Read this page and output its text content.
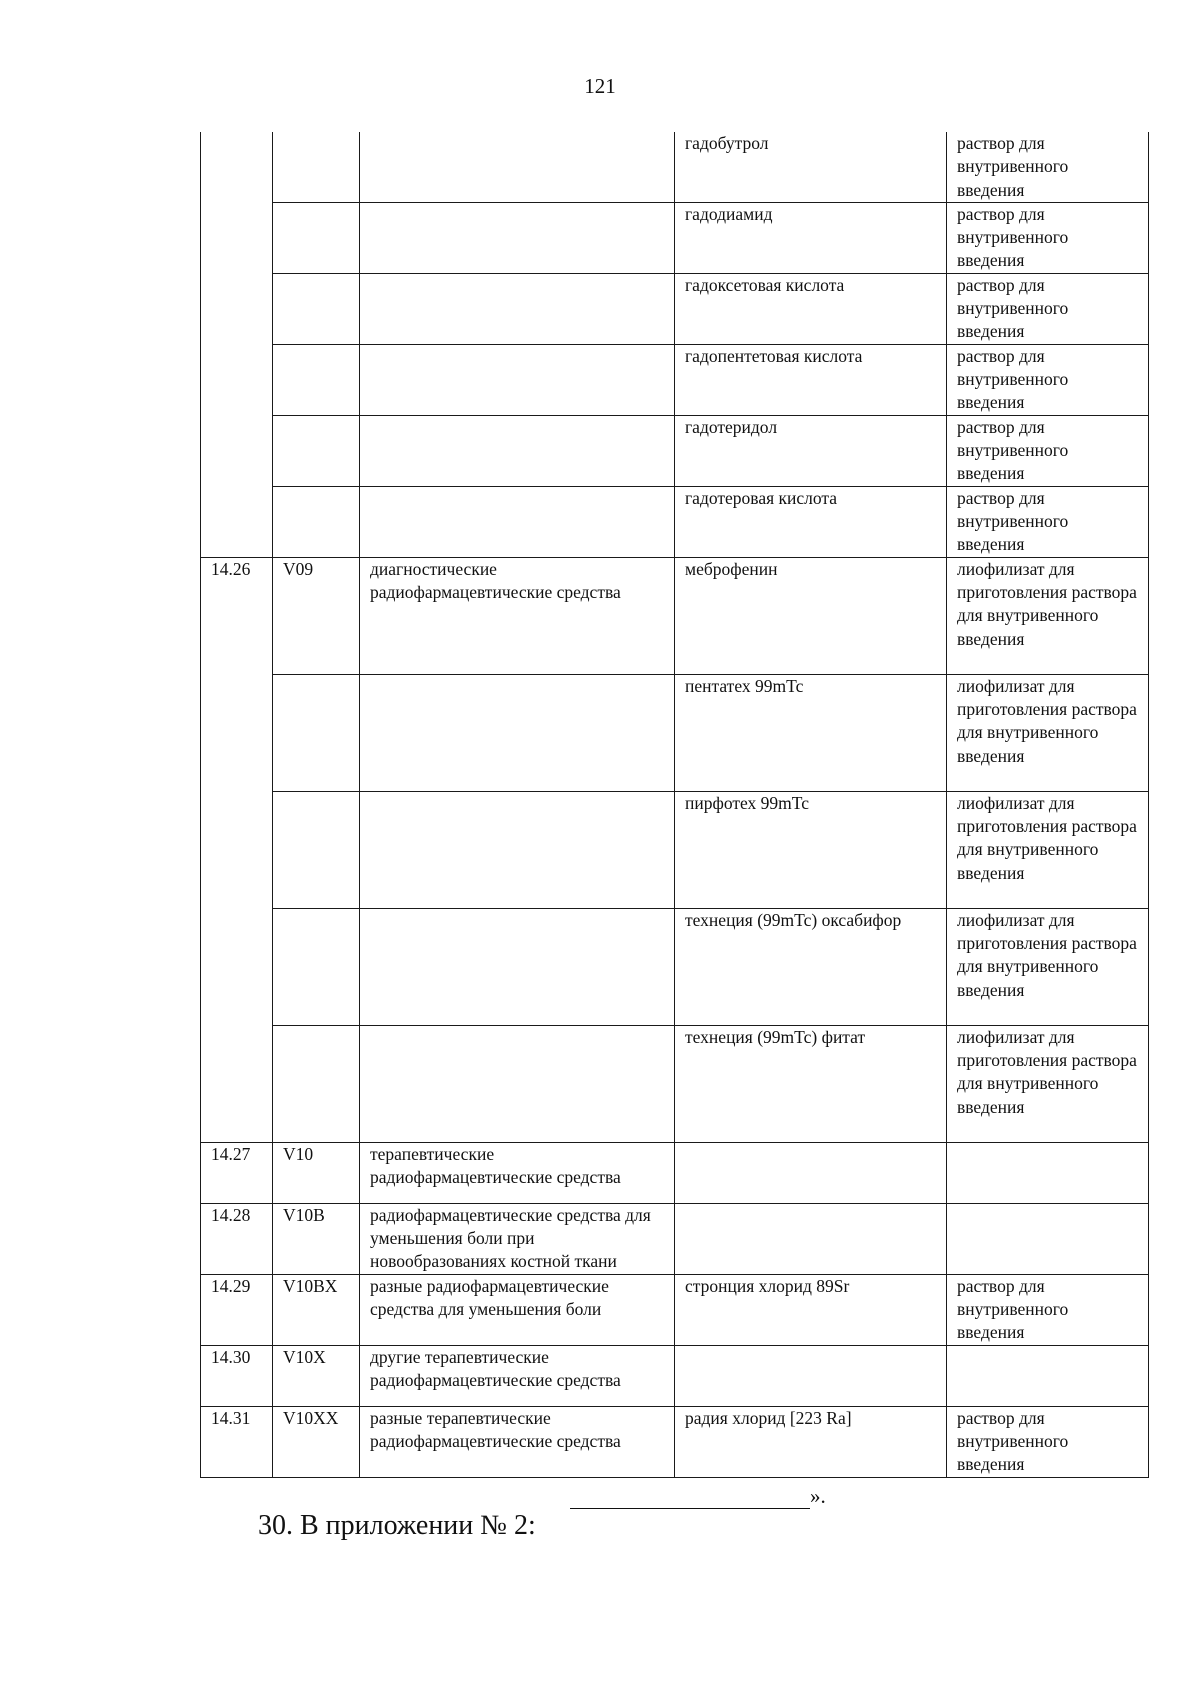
121
			гадобутрол	раствор для внутривенного введения
			гадодиамид	раствор для внутривенного введения
			гадоксетовая кислота	раствор для внутривенного введения
			гадопентетовая кислота	раствор для внутривенного введения
			гадотеридол	раствор для внутривенного введения
			гадотеровая кислота	раствор для внутривенного введения
14.26	V09	диагностические радиофармацевтические средства	меброфенин	лиофилизат для приготовления раствора для внутривенного введения
			пентатех 99mTc	лиофилизат для приготовления раствора для внутривенного введения
			пирфотех 99mTc	лиофилизат для приготовления раствора для внутривенного введения
			технеция (99mTc) оксабифор	лиофилизат для приготовления раствора для внутривенного введения
			технеция (99mTc) фитат	лиофилизат для приготовления раствора для внутривенного введения
14.27	V10	терапевтические радиофармацевтические средства		
14.28	V10B	радиофармацевтические средства для уменьшения боли при новообразованиях костной ткани		
14.29	V10BX	разные радиофармацевтические средства для уменьшения боли	стронция хлорид 89Sr	раствор для внутривенного введения
14.30	V10X	другие терапевтические радиофармацевтические средства		
14.31	V10XX	разные терапевтические радиофармацевтические средства	радия хлорид [223 Ra]	раствор для внутривенного введения
».
30. В приложении № 2:
